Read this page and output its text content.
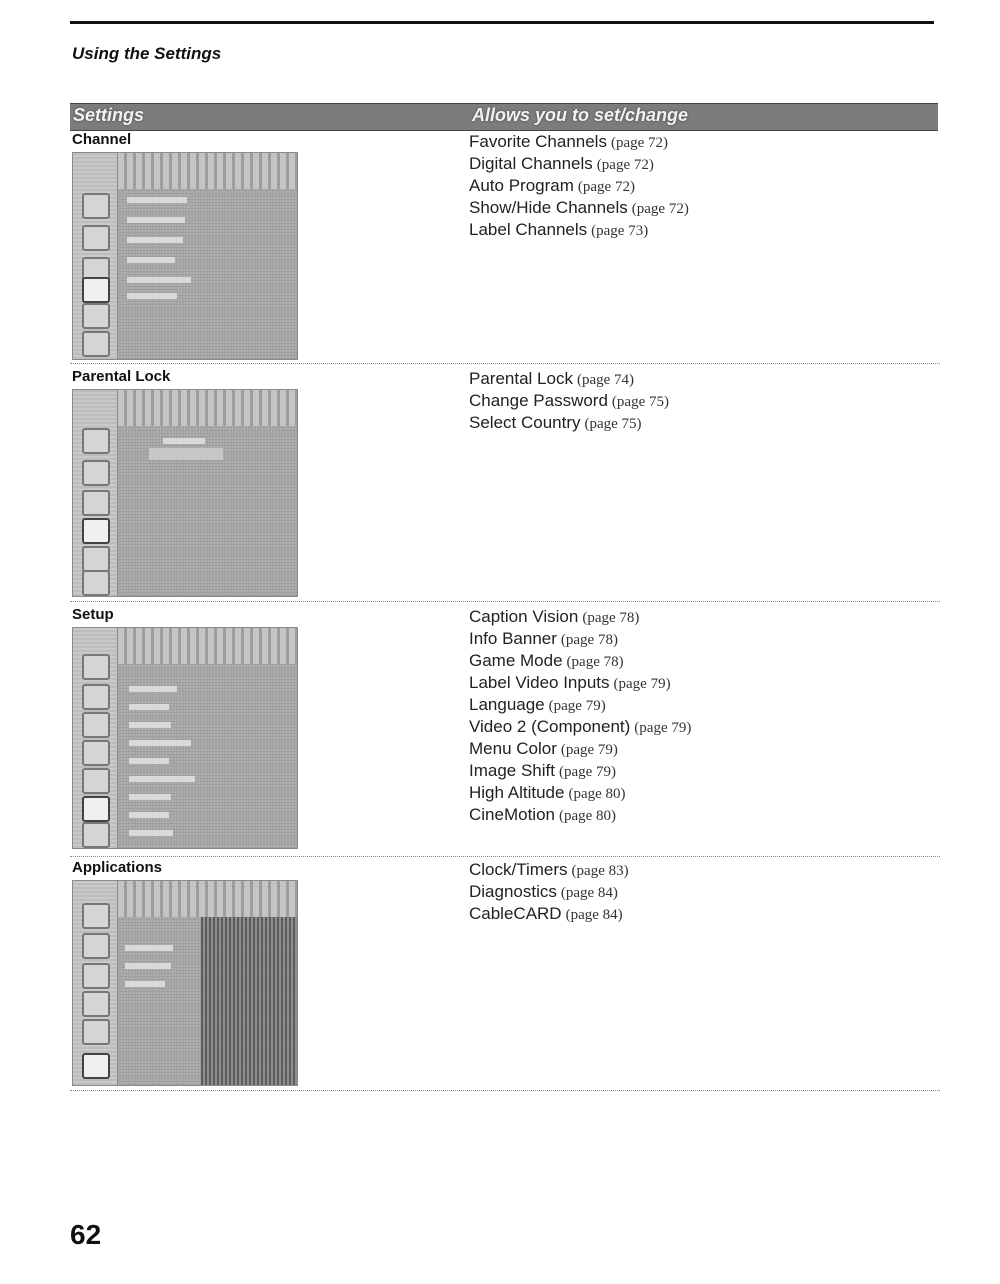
Using the Settings
Settings	Allows you to set/change
Channel	Favorite Channels (page 72)
Digital Channels (page 72)
Auto Program (page 72)
Show/Hide Channels (page 72)
Label Channels (page 73)
Parental Lock	Parental Lock (page 74)
Change Password (page 75)
Select Country (page 75)
Setup	Caption Vision (page 78)
Info Banner (page 78)
Game Mode (page 78)
Label Video Inputs (page 79)
Language (page 79)
Video 2 (Component) (page 79)
Menu Color (page 79)
Image Shift (page 79)
High Altitude (page 80)
CineMotion (page 80)
Applications	Clock/Timers (page 83)
Diagnostics (page 84)
CableCARD (page 84)
62
